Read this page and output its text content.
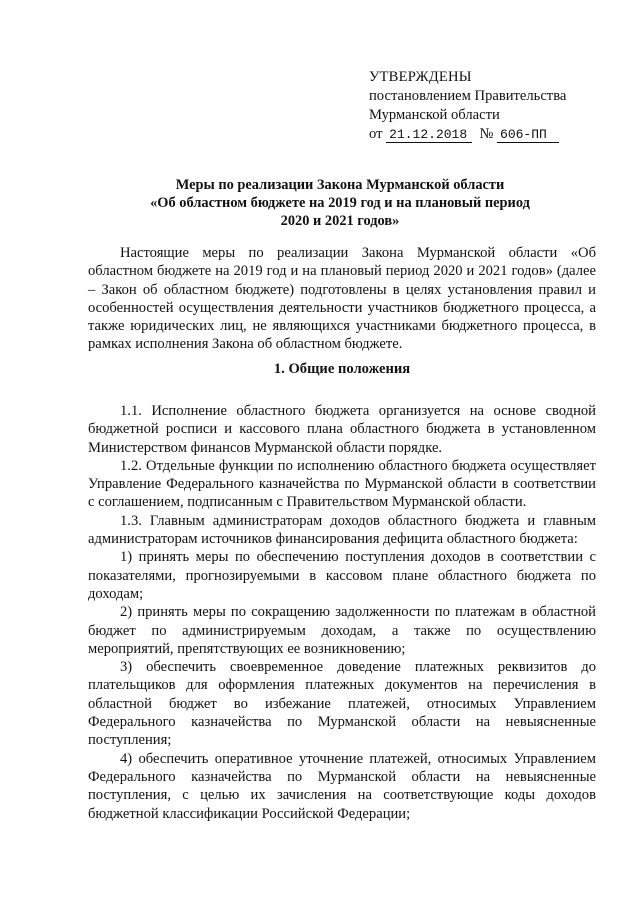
УТВЕРЖДЕНЫ
постановлением Правительства
Мурманской области
от 21.12.2018 № 606-ПП
Меры по реализации Закона Мурманской области
«Об областном бюджете на 2019 год и на плановый период
2020 и 2021 годов»

Настоящие меры по реализации Закона Мурманской области «Об областном бюджете на 2019 год и на плановый период 2020 и 2021 годов» (далее – Закон об областном бюджете) подготовлены в целях установления правил и особенностей осуществления деятельности участников бюджетного процесса, а также юридических лиц, не являющихся участниками бюджетного процесса, в рамках исполнения Закона об областном бюджете.

1. Общие положения

1.1. Исполнение областного бюджета организуется на основе сводной бюджетной росписи и кассового плана областного бюджета в установленном Министерством финансов Мурманской области порядке.

1.2. Отдельные функции по исполнению областного бюджета осуществляет Управление Федерального казначейства по Мурманской области в соответствии с соглашением, подписанным с Правительством Мурманской области.

1.3. Главным администраторам доходов областного бюджета и главным администраторам источников финансирования дефицита областного бюджета:

1) принять меры по обеспечению поступления доходов в соответствии с показателями, прогнозируемыми в кассовом плане областного бюджета по доходам;

2) принять меры по сокращению задолженности по платежам в областной бюджет по администрируемым доходам, а также по осуществлению мероприятий, препятствующих ее возникновению;

3) обеспечить своевременное доведение платежных реквизитов до плательщиков для оформления платежных документов на перечисления в областной бюджет во избежание платежей, относимых Управлением Федерального казначейства по Мурманской области на невыясненные поступления;

4) обеспечить оперативное уточнение платежей, относимых Управлением Федерального казначейства по Мурманской области на невыясненные поступления, с целью их зачисления на соответствующие коды доходов бюджетной классификации Российской Федерации;
